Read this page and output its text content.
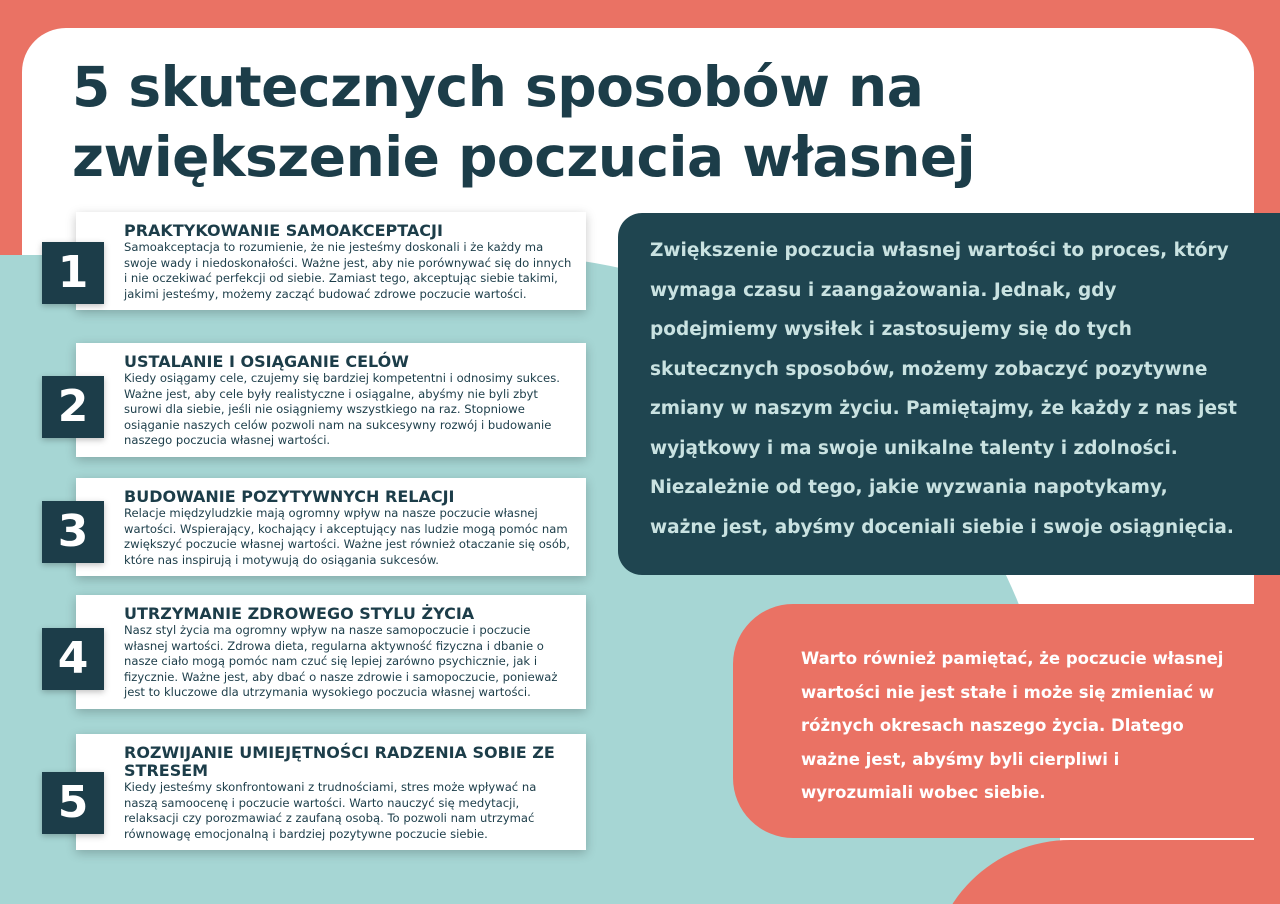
5 skutecznych sposobów na
zwiększenie poczucia własnej
PRAKTYKOWANIE SAMOAKCEPTACJI
Samoakceptacja to rozumienie, że nie jesteśmy doskonali i że każdy ma swoje wady i niedoskonałości. Ważne jest, aby nie porównywać się do innych i nie oczekiwać perfekcji od siebie. Zamiast tego, akceptując siebie takimi, jakimi jesteśmy, możemy zacząć budować zdrowe poczucie wartości.
1
USTALANIE I OSIĄGANIE CELÓW
Kiedy osiągamy cele, czujemy się bardziej kompetentni i odnosimy sukces. Ważne jest, aby cele były realistyczne i osiągalne, abyśmy nie byli zbyt surowi dla siebie, jeśli nie osiągniemy wszystkiego na raz. Stopniowe osiąganie naszych celów pozwoli nam na sukcesywny rozwój i budowanie naszego poczucia własnej wartości.
2
BUDOWANIE POZYTYWNYCH RELACJI
Relacje międzyludzkie mają ogromny wpływ na nasze poczucie własnej wartości. Wspierający, kochający i akceptujący nas ludzie mogą pomóc nam zwiększyć poczucie własnej wartości. Ważne jest również otaczanie się osób, które nas inspirują i motywują do osiągania sukcesów.
3
UTRZYMANIE ZDROWEGO STYLU ŻYCIA
Nasz styl życia ma ogromny wpływ na nasze samopoczucie i poczucie własnej wartości. Zdrowa dieta, regularna aktywność fizyczna i dbanie o nasze ciało mogą pomóc nam czuć się lepiej zarówno psychicznie, jak i fizycznie. Ważne jest, aby dbać o nasze zdrowie i samopoczucie, ponieważ jest to kluczowe dla utrzymania wysokiego poczucia własnej wartości.
4
ROZWIJANIE UMIEJĘTNOŚCI RADZENIA SOBIE ZE STRESEM
Kiedy jesteśmy skonfrontowani z trudnościami, stres może wpływać na naszą samoocenę i poczucie wartości. Warto nauczyć się medytacji, relaksacji czy porozmawiać z zaufaną osobą. To pozwoli nam utrzymać równowagę emocjonalną i bardziej pozytywne poczucie siebie.
5

Zwiększenie poczucia własnej wartości to proces, który wymaga czasu i zaangażowania. Jednak, gdy podejmiemy wysiłek i zastosujemy się do tych skutecznych sposobów, możemy zobaczyć pozytywne zmiany w naszym życiu. Pamiętajmy, że każdy z nas jest wyjątkowy i ma swoje unikalne talenty i zdolności. Niezależnie od tego, jakie wyzwania napotykamy, ważne jest, abyśmy doceniali siebie i swoje osiągnięcia.

Warto również pamiętać, że poczucie własnej wartości nie jest stałe i może się zmieniać w różnych okresach naszego życia. Dlatego ważne jest, abyśmy byli cierpliwi i wyrozumiali wobec siebie.
